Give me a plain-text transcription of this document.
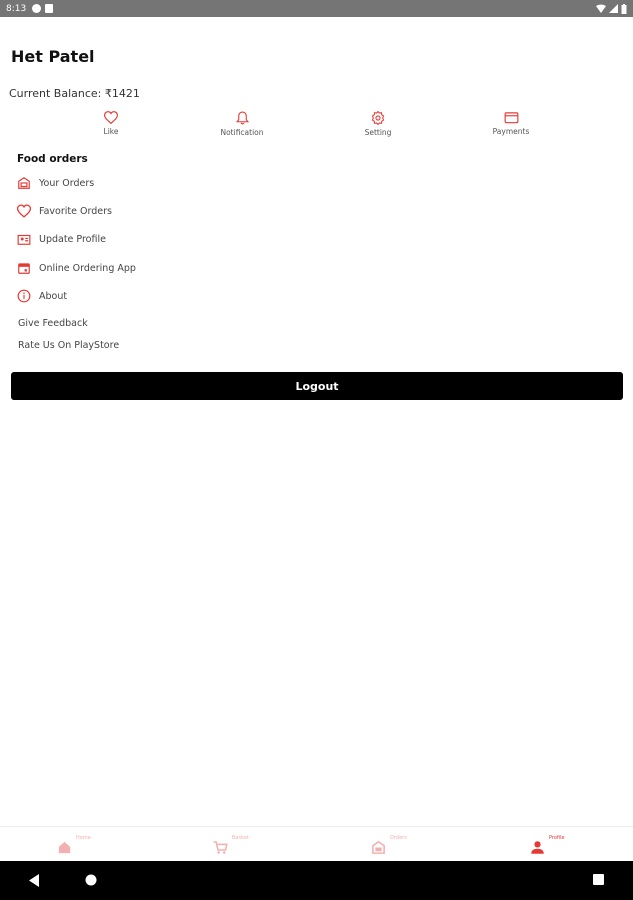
8:13
Het Patel
Current Balance: ₹1421
Like	Notification	Setting	Payments
Food orders
Your Orders
Favorite Orders
Update Profile
Online Ordering App
About
Give Feedback
Rate Us On PlayStore
Logout
Home	Basket	Orders	Profile
